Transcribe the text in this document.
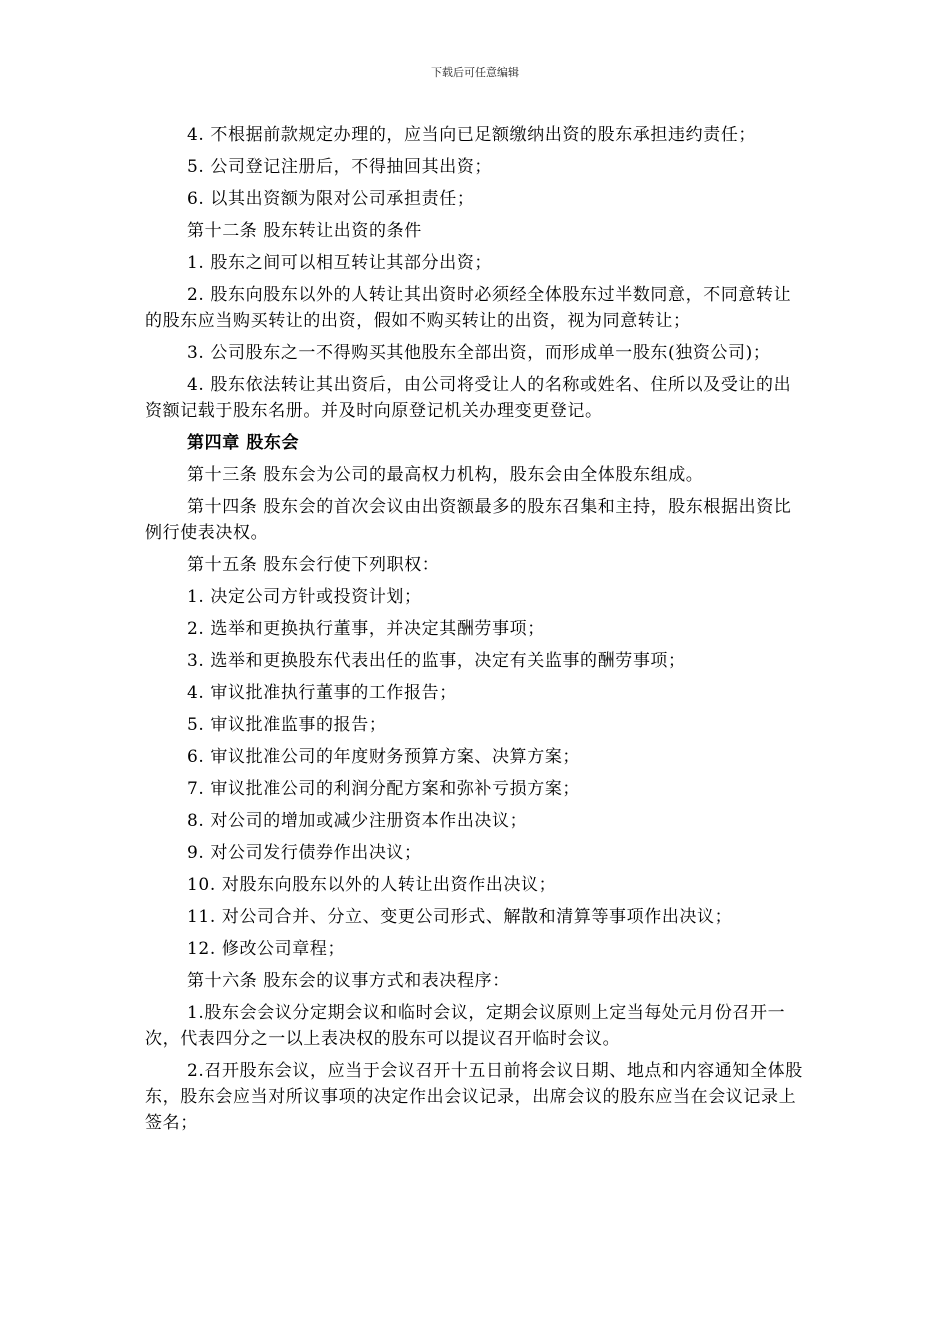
下载后可任意编辑

4. 不根据前款规定办理的，应当向已足额缴纳出资的股东承担违约责任；

5. 公司登记注册后，不得抽回其出资；

6. 以其出资额为限对公司承担责任；

第十二条 股东转让出资的条件

1. 股东之间可以相互转让其部分出资；

2. 股东向股东以外的人转让其出资时必须经全体股东过半数同意，不同意转让的股东应当购买转让的出资，假如不购买转让的出资，视为同意转让；

3. 公司股东之一不得购买其他股东全部出资，而形成单一股东(独资公司)；

4. 股东依法转让其出资后，由公司将受让人的名称或姓名、住所以及受让的出资额记载于股东名册。并及时向原登记机关办理变更登记。

第四章 股东会

第十三条 股东会为公司的最高权力机构，股东会由全体股东组成。

第十四条 股东会的首次会议由出资额最多的股东召集和主持，股东根据出资比例行使表决权。

第十五条 股东会行使下列职权：

1. 决定公司方针或投资计划；

2. 选举和更换执行董事，并决定其酬劳事项；

3. 选举和更换股东代表出任的监事，决定有关监事的酬劳事项；

4. 审议批准执行董事的工作报告；

5. 审议批准监事的报告；

6. 审议批准公司的年度财务预算方案、决算方案；

7. 审议批准公司的利润分配方案和弥补亏损方案；

8. 对公司的增加或减少注册资本作出决议；

9. 对公司发行债券作出决议；

10. 对股东向股东以外的人转让出资作出决议；

11. 对公司合并、分立、变更公司形式、解散和清算等事项作出决议；

12. 修改公司章程；

第十六条 股东会的议事方式和表决程序：

1.股东会会议分定期会议和临时会议，定期会议原则上定当每处元月份召开一次，代表四分之一以上表决权的股东可以提议召开临时会议。

2.召开股东会议，应当于会议召开十五日前将会议日期、地点和内容通知全体股东，股东会应当对所议事项的决定作出会议记录，出席会议的股东应当在会议记录上签名；
